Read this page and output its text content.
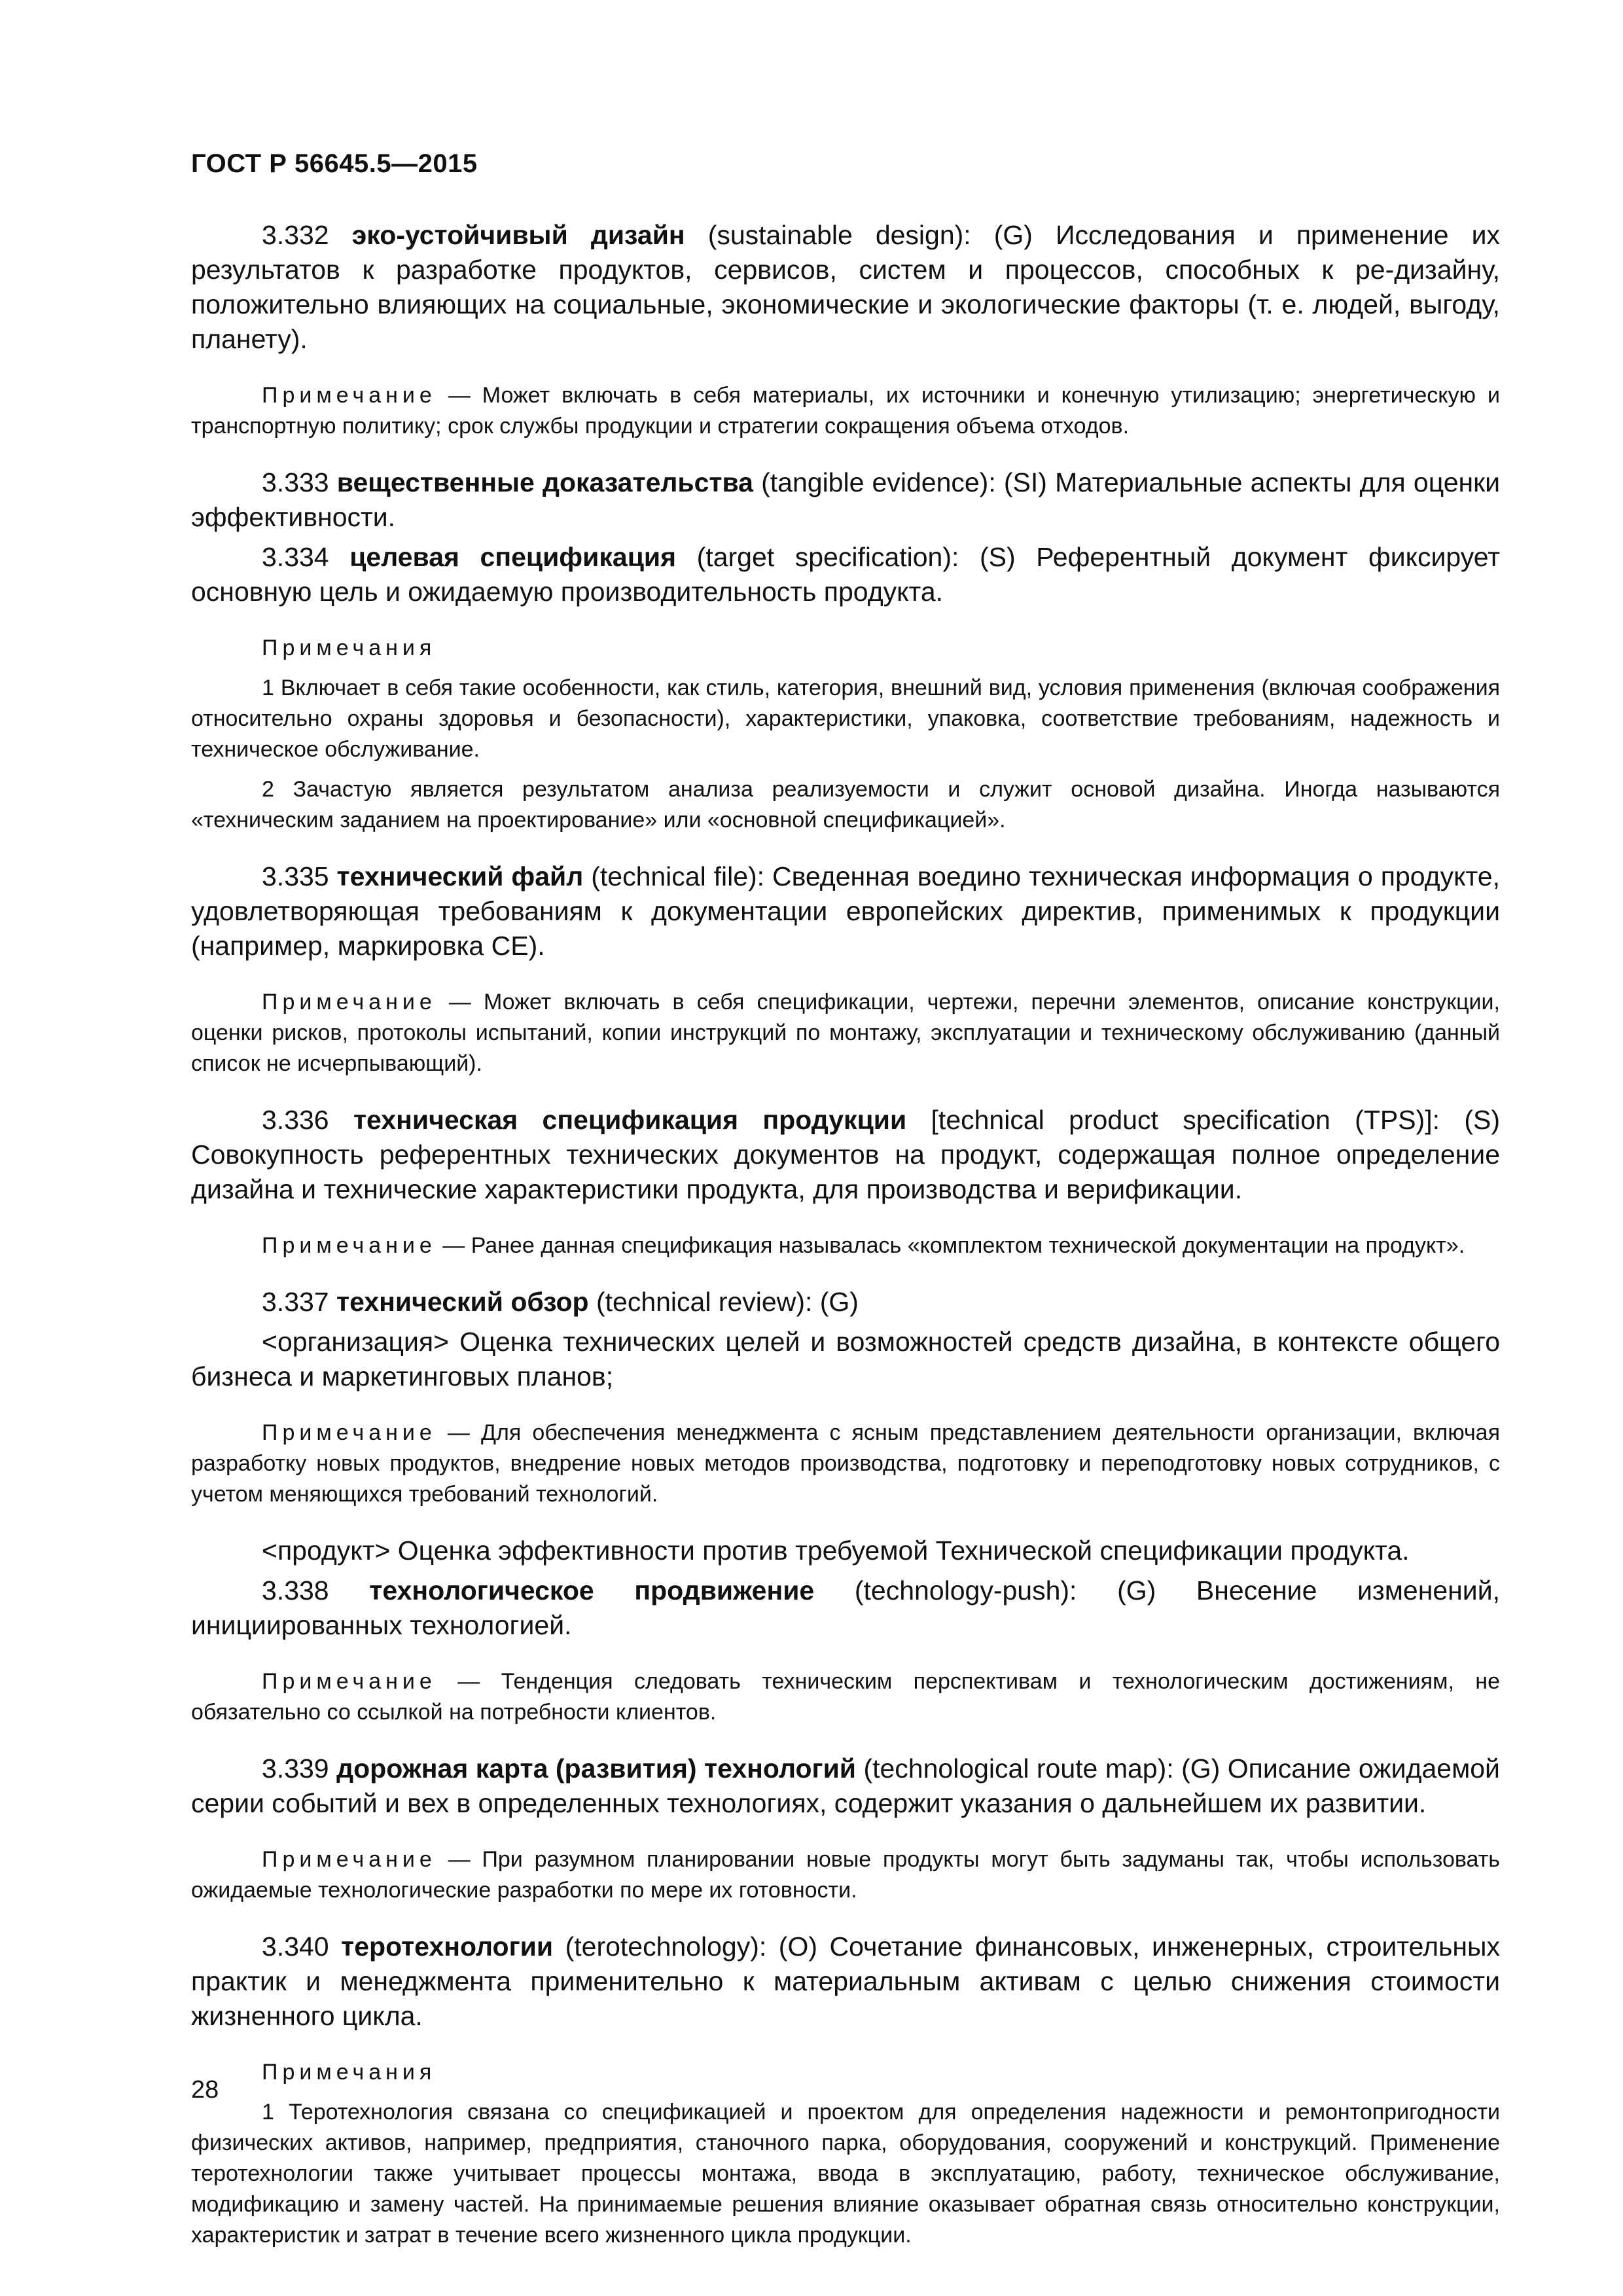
ГОСТ Р 56645.5—2015

3.332 эко-устойчивый дизайн (sustainable design): (G) Исследования и применение их результатов к разработке продуктов, сервисов, систем и процессов, способных к ре-дизайну, положительно влияющих на социальные, экономические и экологические факторы (т. е. людей, выгоду, планету).

Примечание — Может включать в себя материалы, их источники и конечную утилизацию; энергетическую и транспортную политику; срок службы продукции и стратегии сокращения объема отходов.

3.333 вещественные доказательства (tangible evidence): (SI) Материальные аспекты для оценки эффективности.

3.334 целевая спецификация (target specification): (S) Референтный документ фиксирует основную цель и ожидаемую производительность продукта.

Примечания

1 Включает в себя такие особенности, как стиль, категория, внешний вид, условия применения (включая соображения относительно охраны здоровья и безопасности), характеристики, упаковка, соответствие требованиям, надежность и техническое обслуживание.

2 Зачастую является результатом анализа реализуемости и служит основой дизайна. Иногда называются «техническим заданием на проектирование» или «основной спецификацией».

3.335 технический файл (technical file): Сведенная воедино техническая информация о продукте, удовлетворяющая требованиям к документации европейских директив, применимых к продукции (например, маркировка СЕ).

Примечание — Может включать в себя спецификации, чертежи, перечни элементов, описание конструкции, оценки рисков, протоколы испытаний, копии инструкций по монтажу, эксплуатации и техническому обслуживанию (данный список не исчерпывающий).

3.336 техническая спецификация продукции [technical product specification (TPS)]: (S) Совокупность референтных технических документов на продукт, содержащая полное определение дизайна и технические характеристики продукта, для производства и верификации.

Примечание — Ранее данная спецификация называлась «комплектом технической документации на продукт».

3.337 технический обзор (technical review): (G)

<организация> Оценка технических целей и возможностей средств дизайна, в контексте общего бизнеса и маркетинговых планов;

Примечание — Для обеспечения менеджмента с ясным представлением деятельности организации, включая разработку новых продуктов, внедрение новых методов производства, подготовку и переподготовку новых сотрудников, с учетом меняющихся требований технологий.

<продукт> Оценка эффективности против требуемой Технической спецификации продукта.

3.338 технологическое продвижение (technology-push): (G) Внесение изменений, инициированных технологией.

Примечание — Тенденция следовать техническим перспективам и технологическим достижениям, не обязательно со ссылкой на потребности клиентов.

3.339 дорожная карта (развития) технологий (technological route map): (G) Описание ожидаемой серии событий и вех в определенных технологиях, содержит указания о дальнейшем их развитии.

Примечание — При разумном планировании новые продукты могут быть задуманы так, чтобы использовать ожидаемые технологические разработки по мере их готовности.

3.340 теротехнологии (terotechnology): (O) Сочетание финансовых, инженерных, строительных практик и менеджмента применительно к материальным активам с целью снижения стоимости жизненного цикла.

Примечания

1 Теротехнология связана со спецификацией и проектом для определения надежности и ремонтопригодности физических активов, например, предприятия, станочного парка, оборудования, сооружений и конструкций. Применение теротехнологии также учитывает процессы монтажа, ввода в эксплуатацию, работу, техническое обслуживание, модификацию и замену частей. На принимаемые решения влияние оказывает обратная связь относительно конструкции, характеристик и затрат в течение всего жизненного цикла продукции.

28
